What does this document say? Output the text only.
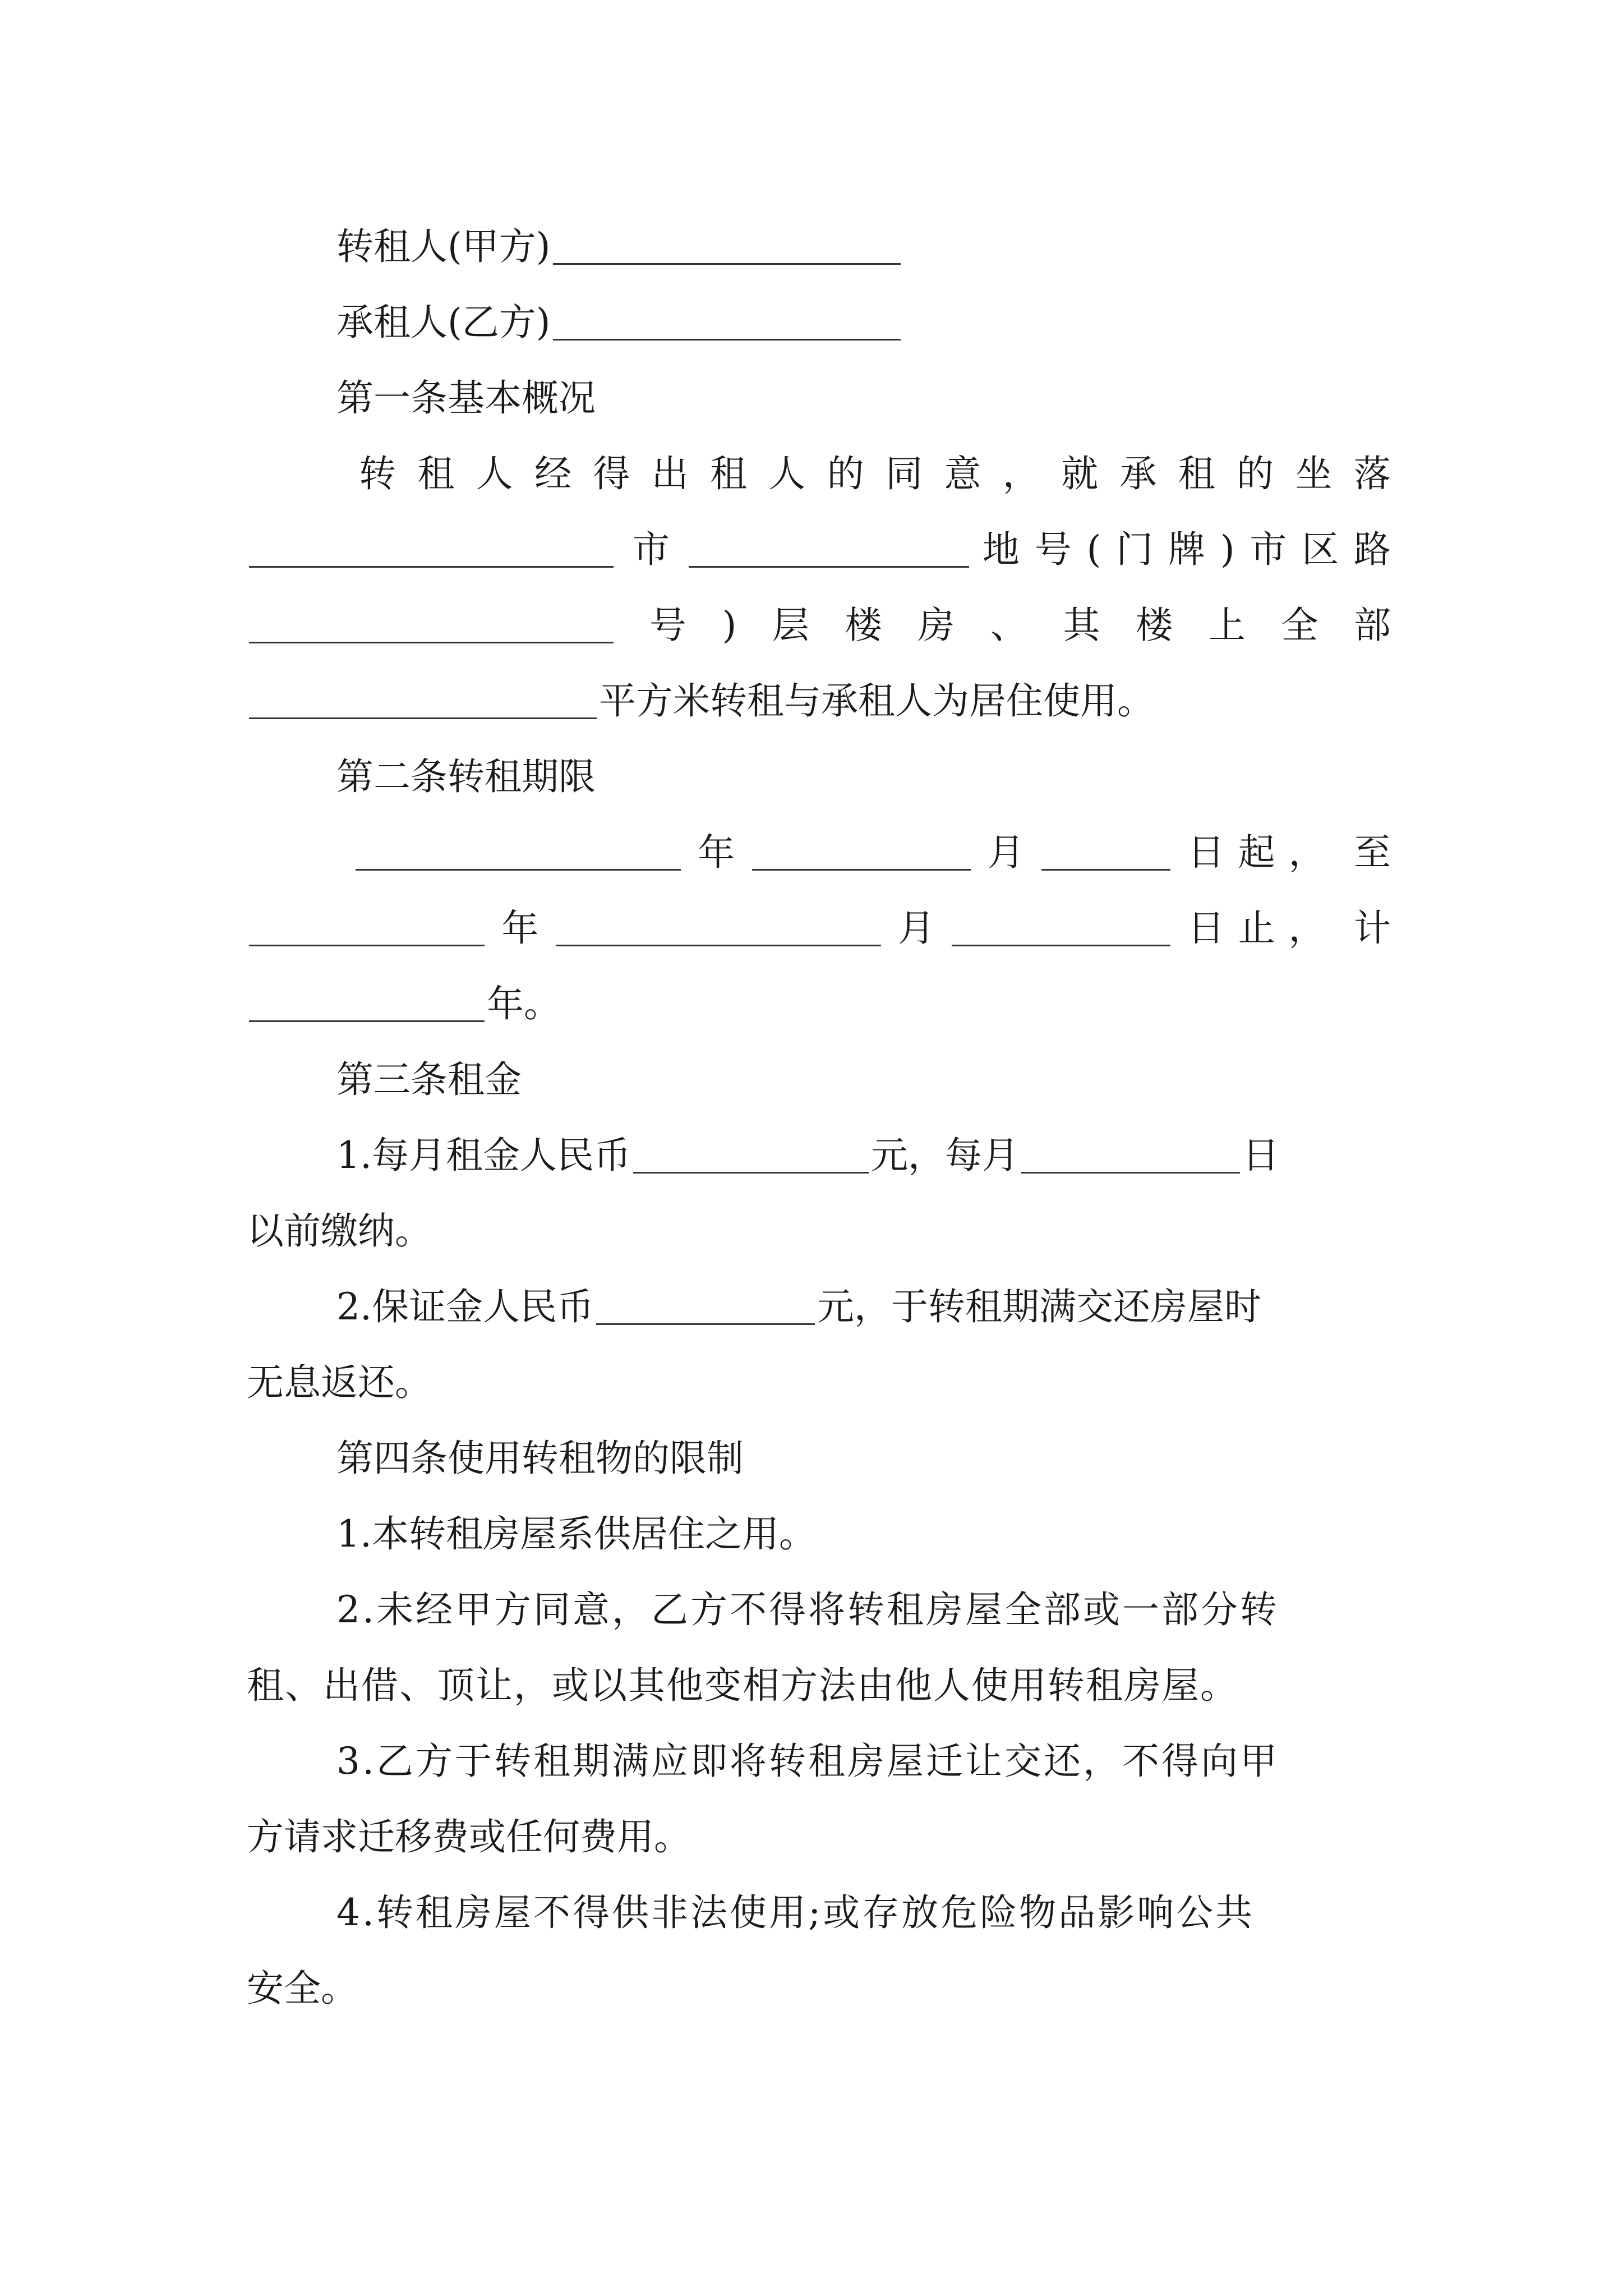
转租人(甲方)
承租人(乙方)
第一条基本概况
转 租 人 经 得 出 租 人 的 同 意 ， 就 承 租 的 坐 落
市	地 号 ( 门 牌 ) 市 区 路
号 ) 层 楼 房 、 其 楼 上 全 部
平方米转租与承租人为居住使用。
第二条转租期限
年	月	日起， 至
年	月	日止， 计
年。
第三条租金
1.每月租金人民币	元，每月	日
以前缴纳。
2.保证金人民币	元，于转租期满交还房屋时
无息返还。
第四条使用转租物的限制
1.本转租房屋系供居住之用。
2.未经甲方同意，乙方不得将转租房屋全部或一部分转
租、出借、顶让，或以其他变相方法由他人使用转租房屋。
3.乙方于转租期满应即将转租房屋迁让交还，不得向甲
方请求迁移费或任何费用。
4.转租房屋不得供非法使用;或存放危险物品影响公共
安全。
